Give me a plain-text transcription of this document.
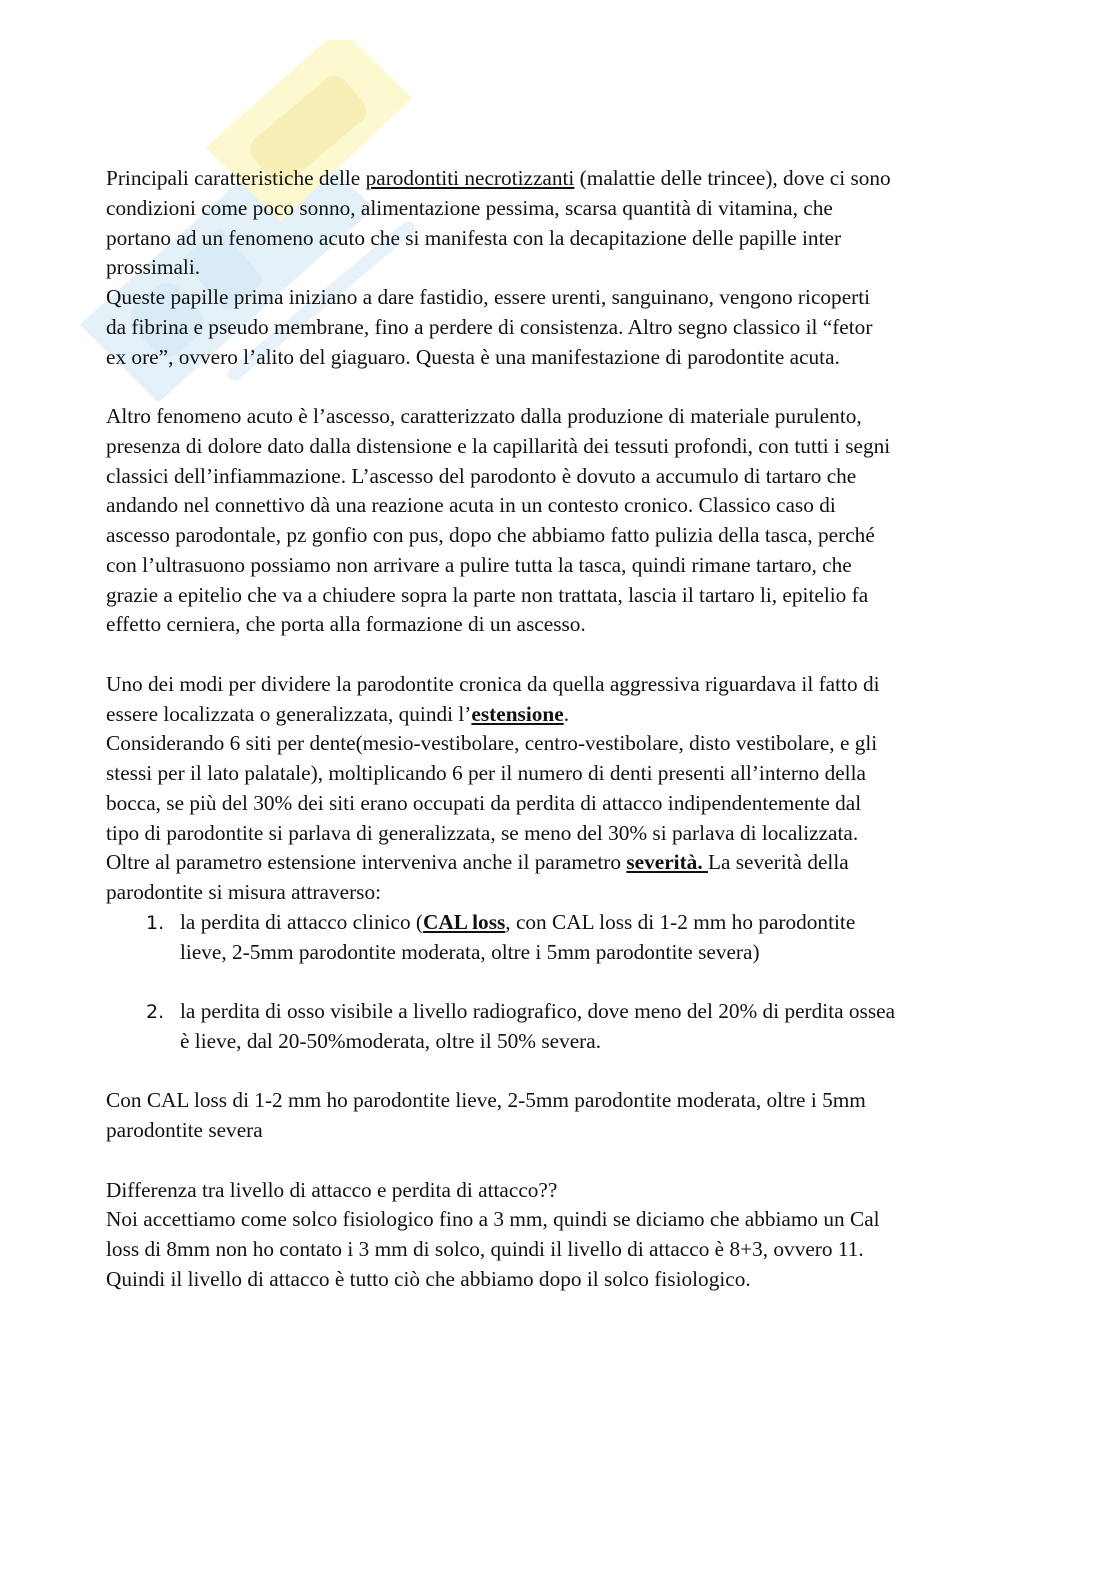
Principali caratteristiche delle parodontiti necrotizzanti (malattie delle trincee), dove ci sono
condizioni come poco sonno, alimentazione pessima, scarsa quantità di vitamina, che
portano ad un fenomeno acuto che si manifesta con la decapitazione delle papille inter
prossimali.
Queste papille prima iniziano a dare fastidio, essere urenti, sanguinano, vengono ricoperti
da fibrina e pseudo membrane, fino a perdere di consistenza. Altro segno classico il “fetor
ex ore”, ovvero l’alito del giaguaro. Questa è una manifestazione di parodontite acuta.
Altro fenomeno acuto è l’ascesso, caratterizzato dalla produzione di materiale purulento,
presenza di dolore dato dalla distensione e la capillarità dei tessuti profondi, con tutti i segni
classici dell’infiammazione. L’ascesso del parodonto è dovuto a accumulo di tartaro che
andando nel connettivo dà una reazione acuta in un contesto cronico. Classico caso di
ascesso parodontale, pz gonfio con pus, dopo che abbiamo fatto pulizia della tasca, perché
con l’ultrasuono possiamo non arrivare a pulire tutta la tasca, quindi rimane tartaro, che
grazie a epitelio che va a chiudere sopra la parte non trattata, lascia il tartaro li, epitelio fa
effetto cerniera, che porta alla formazione di un ascesso.
Uno dei modi per dividere la parodontite cronica da quella aggressiva riguardava il fatto di
essere localizzata o generalizzata, quindi l’estensione.
Considerando 6 siti per dente(mesio-vestibolare, centro-vestibolare, disto vestibolare, e gli
stessi per il lato palatale), moltiplicando 6 per il numero di denti presenti all’interno della
bocca, se più del 30% dei siti erano occupati da perdita di attacco indipendentemente dal
tipo di parodontite si parlava di generalizzata, se meno del 30% si parlava di localizzata.
Oltre al parametro estensione interveniva anche il parametro severità. La severità della
parodontite si misura attraverso:
1. la perdita di attacco clinico (CAL loss, con CAL loss di 1-2 mm ho parodontite
lieve, 2-5mm parodontite moderata, oltre i 5mm parodontite severa)
2. la perdita di osso visibile a livello radiografico, dove meno del 20% di perdita ossea
è lieve, dal 20-50%moderata, oltre il 50% severa.
Con CAL loss di 1-2 mm ho parodontite lieve, 2-5mm parodontite moderata, oltre i 5mm
parodontite severa
Differenza tra livello di attacco e perdita di attacco??
Noi accettiamo come solco fisiologico fino a 3 mm, quindi se diciamo che abbiamo un Cal
loss di 8mm non ho contato i 3 mm di solco, quindi il livello di attacco è 8+3, ovvero 11.
Quindi il livello di attacco è tutto ciò che abbiamo dopo il solco fisiologico.
